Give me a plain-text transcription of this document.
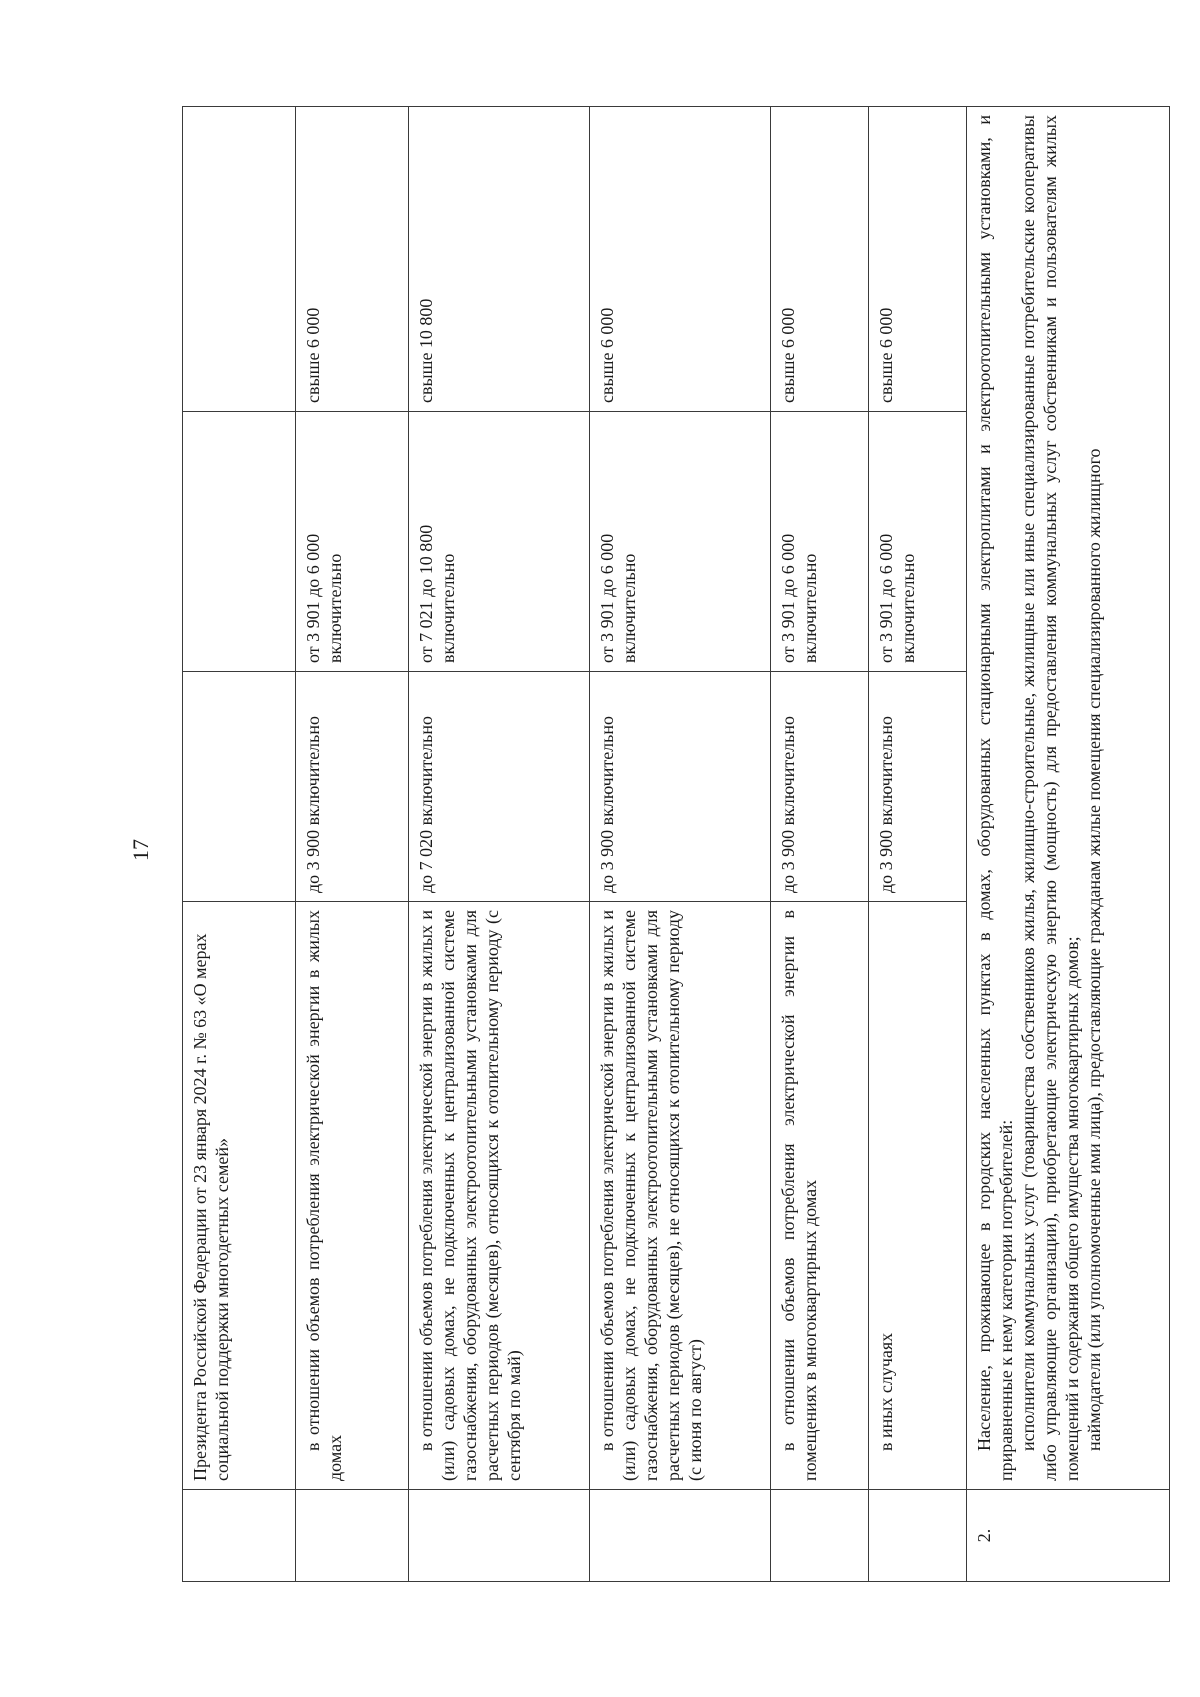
17
	Президента Российской Федерации от 23 января 2024 г. № 63 «О мерах социальной поддержки многодетных семей»			
	в отношении объемов потребления электрической энергии в жилых домах	до 3 900 включительно	от 3 901 до 6 000 включительно	свыше 6 000
	в отношении объемов потребления электрической энергии в жилых и (или) садовых домах, не подключенных к централизованной системе газоснабжения, оборудованных электроотопительными установками для расчетных периодов (месяцев), относящихся к отопительному периоду (с сентября по май)	до 7 020 включительно	от 7 021 до 10 800 включительно	свыше 10 800
	в отношении объемов потребления электрической энергии в жилых и (или) садовых домах, не подключенных к централизованной системе газоснабжения, оборудованных электроотопительными установками для расчетных периодов (месяцев), не относящихся к отопительному периоду (с июня по август)	до 3 900 включительно	от 3 901 до 6 000 включительно	свыше 6 000
	в отношении объемов потребления электрической энергии в помещениях в многоквартирных домах	до 3 900 включительно	от 3 901 до 6 000 включительно	свыше 6 000
	в иных случаях	до 3 900 включительно	от 3 901 до 6 000 включительно	свыше 6 000
2.	Население, проживающее в городских населенных пунктах в домах, оборудованных стационарными электроплитами и электроотопительными установками, и приравненные к нему категории потребителей: исполнители коммунальных услуг (товарищества собственников жилья, жилищно-строительные, жилищные или иные специализированные потребительские кооперативы либо управляющие организации), приобретающие электрическую энергию (мощность) для предоставления коммунальных услуг собственникам и пользователям жилых помещений и содержания общего имущества многоквартирных домов; наймодатели (или уполномоченные ими лица), предоставляющие гражданам жилые помещения специализированного жилищного			
